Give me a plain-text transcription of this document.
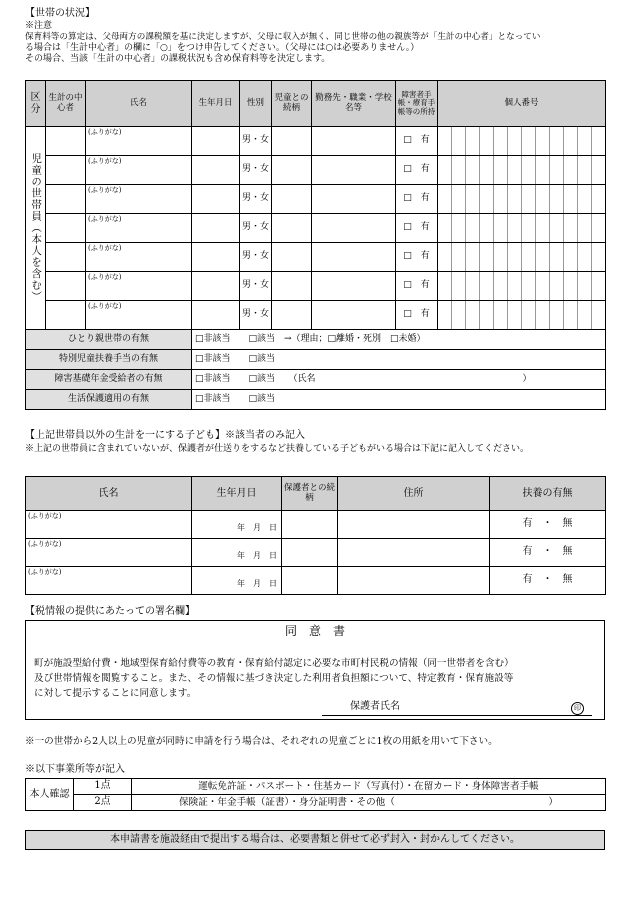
【世帯の状況】
※注意
保育料等の算定は、父母両方の課税額を基に決定しますが、父母に収入が無く、同じ世帯の他の親族等が「生計の中心者」となってい
る場合は「生計中心者」の欄に「○」をつけ申告してください。（父母には○は必要ありません。）
その場合、当該「生計の中心者」の課税状況も含め保育料等を決定します。
区分	生計の中心者	氏名	生年月日	性別	児童との続柄	勤務先・職業・学校名等	障害者手帳・療育手帳等の所持	個人番号
児童の世帯員（本人を含む）		(ふりがな)		男・女			□　有	

		(ふりがな)		男・女			□　有	

		(ふりがな)		男・女			□　有	

		(ふりがな)		男・女			□　有	

		(ふりがな)		男・女			□　有	

		(ふりがな)		男・女			□　有	

		(ふりがな)		男・女			□　有	

ひとり親世帯の有無			□非該当　　□該当　→（理由；□離婚・死別　□未婚）					
特別児童扶養手当の有無			□非該当　　□該当					
障害基礎年金受給者の有無			□非該当　　□該当　　（氏名　　　　　　　　　　　　　　　　　　　　　　　）					
生活保護適用の有無			□非該当　　□該当					
【上記世帯員以外の生計を一にする子ども】※該当者のみ記入
※上記の世帯員に含まれていないが、保護者が仕送りをするなど扶養している子どもがいる場合は下記に記入してください。
氏名	生年月日	保護者との続柄	住所	扶養の有無
(ふりがな)	年　月　日			有　・　無
(ふりがな)	年　月　日			有　・　無
(ふりがな)	年　月　日			有　・　無
【税情報の提供にあたっての署名欄】
同　意　書
町が施設型給付費・地域型保育給付費等の教育・保育給付認定に必要な市町村民税の情報（同一世帯者を含む）
及び世帯情報を閲覧すること。また、その情報に基づき決定した利用者負担額について、特定教育・保育施設等
に対して提示することに同意します。
保護者氏名	印
※一の世帯から2人以上の児童が同時に申請を行う場合は、それぞれの児童ごとに1枚の用紙を用いて下さい。
※以下事業所等が記入
本人確認	1点	運転免許証・パスポート・住基カード（写真付）・在留カード・身体障害者手帳
	2点	保険証・年金手帳（証書）・身分証明書・その他（　　　　　　　　　　　　　　　　）
本申請書を施設経由で提出する場合は、必要書類と併せて必ず封入・封かんしてください。
